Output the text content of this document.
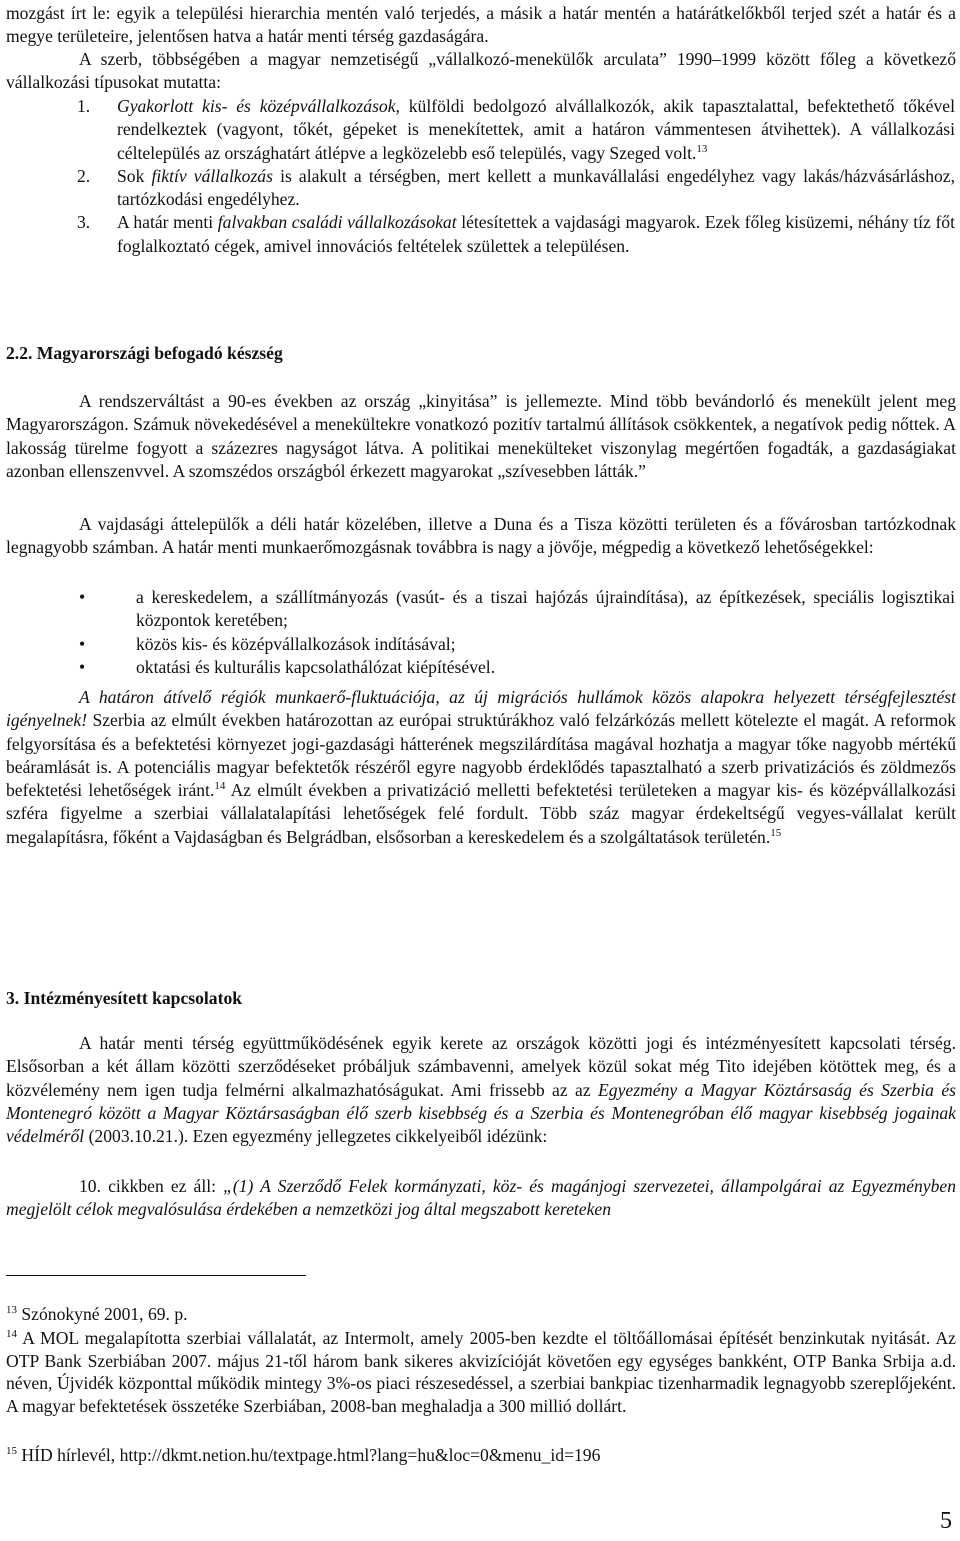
mozgást írt le: egyik a települési hierarchia mentén való terjedés, a másik a határ mentén a határátkelőkből terjed szét a határ és a megye területeire, jelentősen hatva a határ menti térség gazdaságára.

A szerb, többségében a magyar nemzetiségű „vállalkozó-menekülők arculata” 1990–1999 között főleg a következő vállalkozási típusokat mutatta:

1. Gyakorlott kis- és középvállalkozások, külföldi bedolgozó alvállalkozók, akik tapasztalattal, befektethető tőkével rendelkeztek (vagyont, tőkét, gépeket is menekítettek, amit a határon vámmentesen átvihettek). A vállalkozási céltelepülés az országhatárt átlépve a legközelebb eső település, vagy Szeged volt.$^{13}$
2. Sok fiktív vállalkozás is alakult a térségben, mert kellett a munkavállalási engedélyhez vagy lakás/házvásárláshoz, tartózkodási engedélyhez.
3. A határ menti falvakban családi vállalkozásokat létesítettek a vajdasági magyarok. Ezek főleg kisüzemi, néhány tíz főt foglalkoztató cégek, amivel innovációs feltételek születtek a településen.
2.2. Magyarországi befogadó készség

A rendszerváltást a 90-es években az ország „kinyitása” is jellemezte. Mind több bevándorló és menekült jelent meg Magyarországon. Számuk növekedésével a menekültekre vonatkozó pozitív tartalmú állítások csökkentek, a negatívok pedig nőttek. A lakosság türelme fogyott a százezres nagyságot látva. A politikai menekülteket viszonylag megértően fogadták, a gazdaságiakat azonban ellenszenvvel. A szomszédos országból érkezett magyarokat „szívesebben látták.”

A vajdasági áttelepülők a déli határ közelében, illetve a Duna és a Tisza közötti területen és a fővárosban tartózkodnak legnagyobb számban. A határ menti munkaerőmozgásnak továbbra is nagy a jövője, mégpedig a következő lehetőségekkel:

•	a kereskedelem, a szállítmányozás (vasút- és a tiszai hajózás újraindítása), az építkezések, speciális logisztikai központok keretében;
•	közös kis- és középvállalkozások indításával;
•	oktatási és kulturális kapcsolathálózat kiépítésével.

A határon átívelő régiók munkaerő-fluktuációja, az új migrációs hullámok közös alapokra helyezett térségfejlesztést igényelnek! Szerbia az elmúlt években határozottan az európai struktúrákhoz való felzárkózás mellett kötelezte el magát. A reformok felgyorsítása és a befektetési környezet jogi-gazdasági hátterének megszilárdítása magával hozhatja a magyar tőke nagyobb mértékű beáramlását is. A potenciális magyar befektetők részéről egyre nagyobb érdeklődés tapasztalható a szerb privatizációs és zöldmezős befektetési lehetőségek iránt.$^{14}$ Az elmúlt években a privatizáció melletti befektetési területeken a magyar kis- és középvállalkozási szféra figyelme a szerbiai vállalatalapítási lehetőségek felé fordult. Több száz magyar érdekeltségű vegyes-vállalat került megalapításra, főként a Vajdaságban és Belgrádban, elsősorban a kereskedelem és a szolgáltatások területén.$^{15}$

3. Intézményesített kapcsolatok

A határ menti térség együttműködésének egyik kerete az országok közötti jogi és intézményesített kapcsolati térség. Elsősorban a két állam közötti szerződéseket próbáljuk számbavenni, amelyek közül sokat még Tito idejében kötöttek meg, és a közvélemény nem igen tudja felmérni alkalmazhatóságukat. Ami frissebb az az Egyezmény a Magyar Köztársaság és Szerbia és Montenegró között a Magyar Köztársaságban élő szerb kisebbség és a Szerbia és Montenegróban élő magyar kisebbség jogainak védelméről (2003.10.21.). Ezen egyezmény jellegzetes cikkelyeiből idézünk:

10. cikkben ez áll: „(1) A Szerződő Felek kormányzati, köz- és magánjogi szervezetei, állampolgárai az Egyezményben megjelölt célok megvalósulása érdekében a nemzetközi jog által megszabott kereteken

$^{13}$ Szónokyné 2001, 69. p.

$^{14}$ A MOL megalapította szerbiai vállalatát, az Intermolt, amely 2005-ben kezdte el töltőállomásai építését benzinkutak nyitását. Az OTP Bank Szerbiában 2007. május 21-től három bank sikeres akvizícióját követően egy egységes bankként, OTP Banka Srbija a.d. néven, Újvidék központtal működik mintegy 3%-os piaci részesedéssel, a szerbiai bankpiac tizenharmadik legnagyobb szereplőjeként. A magyar befektetések összetéke Szerbiában, 2008-ban meghaladja a 300 millió dollárt.

$^{15}$ HÍD hírlevél, http://dkmt.netion.hu/textpage.html?lang=hu&loc=0&menu_id=196

5
